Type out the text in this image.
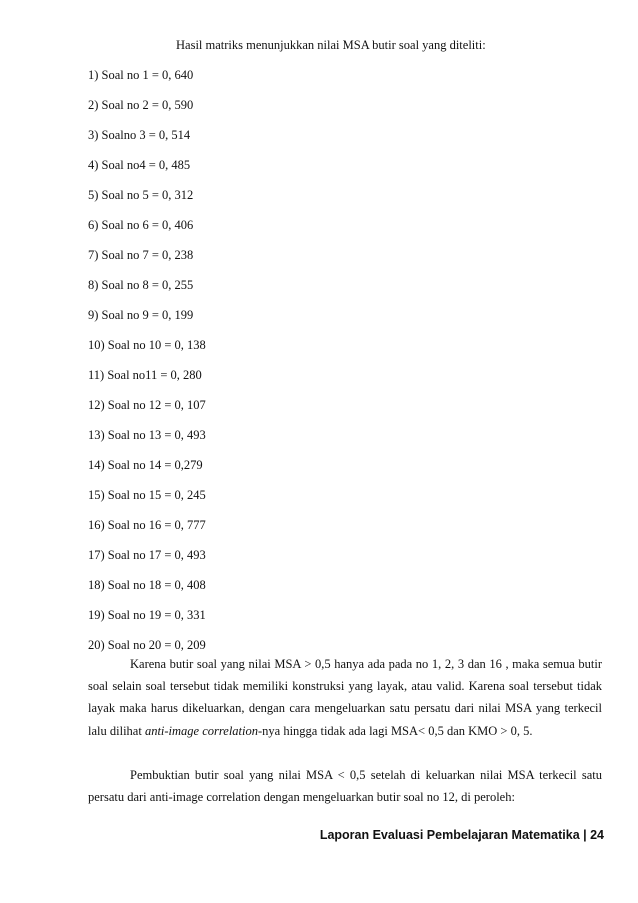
Hasil matriks menunjukkan nilai MSA butir soal yang diteliti:
1) Soal no 1 = 0, 640
2) Soal no 2 = 0, 590
3) Soalno 3 = 0, 514
4) Soal no4 = 0, 485
5) Soal no 5 = 0, 312
6) Soal no 6 = 0, 406
7) Soal no 7 = 0, 238
8) Soal no 8 = 0, 255
9) Soal no 9 = 0, 199
10) Soal no 10 = 0, 138
11) Soal no11 = 0, 280
12) Soal no 12 = 0, 107
13) Soal no 13 = 0, 493
14) Soal no 14 = 0,279
15) Soal no 15 = 0, 245
16) Soal no 16 = 0, 777
17) Soal no 17 = 0, 493
18) Soal no 18 = 0, 408
19) Soal no 19 = 0, 331
20) Soal no 20 = 0, 209

Karena butir soal yang nilai MSA > 0,5 hanya ada pada no 1, 2, 3 dan 16 , maka semua butir soal selain soal tersebut tidak memiliki konstruksi yang layak, atau valid. Karena soal tersebut tidak layak maka harus dikeluarkan, dengan cara mengeluarkan satu persatu dari nilai MSA yang terkecil lalu dilihat anti-image correlation-nya hingga tidak ada lagi MSA< 0,5 dan KMO > 0, 5.

Pembuktian butir soal yang nilai MSA < 0,5 setelah di keluarkan nilai MSA terkecil satu persatu dari anti-image correlation dengan mengeluarkan butir soal no 12, di peroleh:

Laporan Evaluasi Pembelajaran Matematika | 24
